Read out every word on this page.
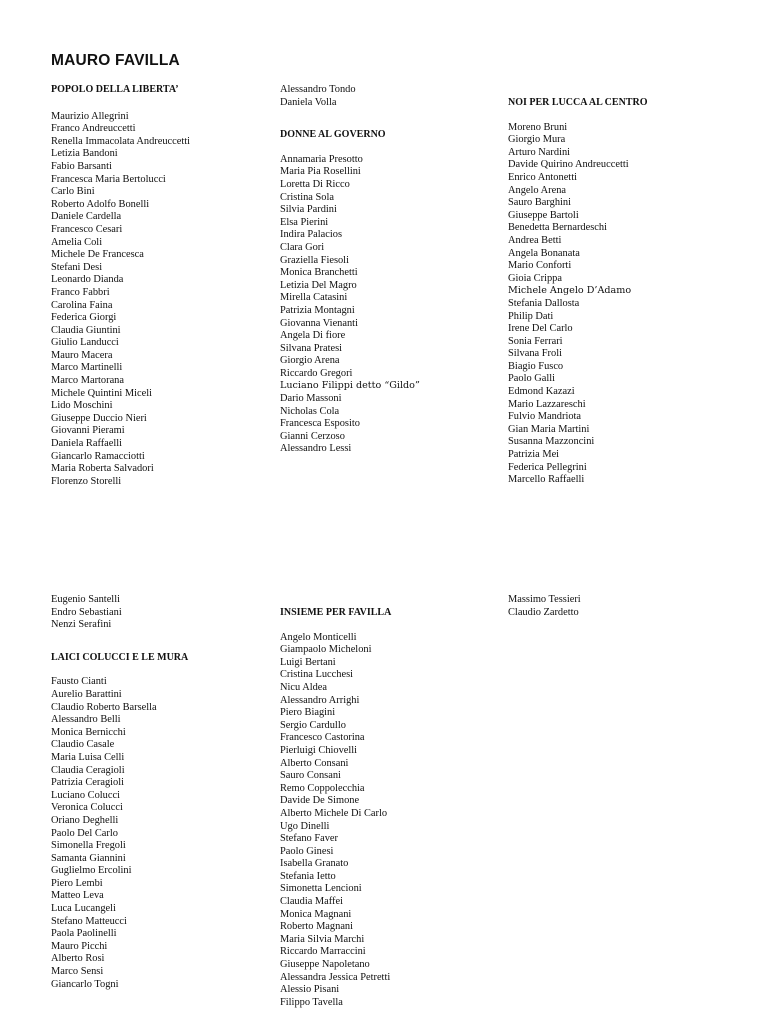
MAURO FAVILLA
POPOLO DELLA LIBERTA’
Maurizio Allegrini
Franco Andreuccetti
Renella Immacolata Andreuccetti
Letizia Bandoni
Fabio Barsanti
Francesca Maria Bertolucci
Carlo Bini
Roberto Adolfo Bonelli
Daniele Cardella
Francesco Cesari
Amelia Coli
Michele De Francesca
Stefani Desi
Leonardo Dianda
Franco Fabbri
Carolina Faina
Federica Giorgi
Claudia Giuntini
Giulio Landucci
Mauro Macera
Marco Martinelli
Marco Martorana
Michele Quintini Miceli
Lido Moschini
Giuseppe Duccio Nieri
Giovanni Pierami
Daniela Raffaelli
Giancarlo Ramacciotti
Maria Roberta Salvadori
Florenzo Storelli
Alessandro Tondo
Daniela Volla
DONNE AL GOVERNO
Annamaria Presotto
Maria Pia Rosellini
Loretta Di Ricco
Cristina Sola
Silvia Pardini
Elsa Pierini
Indira Palacios
Clara Gori
Graziella Fiesoli
Monica Branchetti
Letizia Del Magro
Mirella Catasini
Patrizia Montagni
Giovanna Vienanti
Angela Di fiore
Silvana Pratesi
Giorgio Arena
Riccardo Gregori
Luciano Filippi detto “Gildo”
Dario Massoni
Nicholas Cola
Francesca Esposito
Gianni Cerzoso
Alessandro Lessi
NOI PER LUCCA AL CENTRO
Moreno Bruni
Giorgio Mura
Arturo Nardini
Davide Quirino Andreuccetti
Enrico Antonetti
Angelo Arena
Sauro Barghini
Giuseppe Bartoli
Benedetta Bernardeschi
Andrea Betti
Angela Bonanata
Mario Conforti
Gioia Crippa
Michele Angelo D’Adamo
Stefania Dallosta
Philip Dati
Irene Del Carlo
Sonia Ferrari
Silvana Froli
Biagio Fusco
Paolo Galli
Edmond Kazazi
Mario Lazzareschi
Fulvio Mandriota
Gian Maria Martini
Susanna Mazzoncini
Patrizia Mei
Federica Pellegrini
Marcello Raffaelli
Eugenio Santelli
Endro Sebastiani
Nenzi Serafini
LAICI COLUCCI E LE MURA
Fausto Cianti
Aurelio Barattini
Claudio Roberto Barsella
Alessandro Belli
Monica Bernicchi
Claudio Casale
Maria Luisa Celli
Claudia Ceragioli
Patrizia Ceragioli
Luciano Colucci
Veronica Colucci
Oriano Deghelli
Paolo Del Carlo
Simonella Fregoli
Samanta Giannini
Guglielmo Ercolini
Piero Lembi
Matteo Leva
Luca Lucangeli
Stefano Matteucci
Paola Paolinelli
Mauro Picchi
Alberto Rosi
Marco Sensi
Giancarlo Togni
INSIEME PER FAVILLA
Angelo Monticelli
Giampaolo Micheloni
Luigi Bertani
Cristina Lucchesi
Nicu Aldea
Alessandro Arrighi
Piero Biagini
Sergio Cardullo
Francesco Castorina
Pierluigi Chiovelli
Alberto Consani
Sauro Consani
Remo Coppolecchia
Davide De Simone
Alberto Michele Di Carlo
Ugo Dinelli
Stefano Faver
Paolo Ginesi
Isabella Granato
Stefania Ietto
Simonetta Lencioni
Claudia Maffei
Monica Magnani
Roberto Magnani
Maria Silvia Marchi
Riccardo Marraccini
Giuseppe Napoletano
Alessandra Jessica Petretti
Alessio Pisani
Filippo Tavella
Massimo Tessieri
Claudio Zardetto
